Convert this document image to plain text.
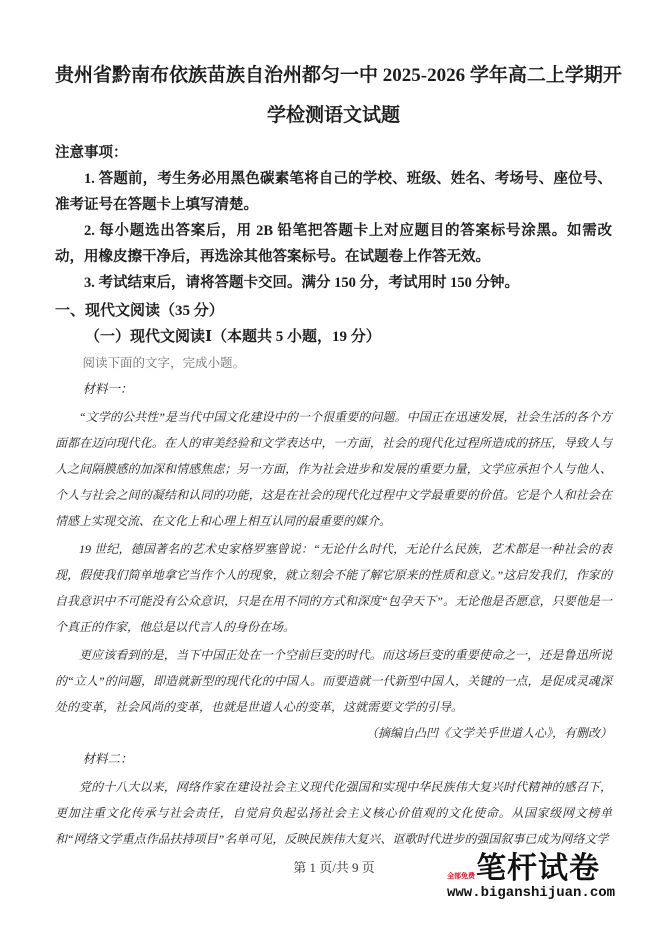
贵州省黔南布依族苗族自治州都匀一中 2025-2026 学年高二上学期开
学检测语文试题
注意事项：

1. 答题前，考生务必用黑色碳素笔将自己的学校、班级、姓名、考场号、座位号、准考证号在答题卡上填写清楚。

2. 每小题选出答案后，用 2B 铅笔把答题卡上对应题目的答案标号涂黑。如需改动，用橡皮擦干净后，再选涂其他答案标号。在试题卷上作答无效。

3. 考试结束后，请将答题卡交回。满分 150 分，考试用时 150 分钟。

一、现代文阅读（35 分）
（一）现代文阅读Ⅰ（本题共 5 小题，19 分）

阅读下面的文字，完成小题。

材料一：

“文学的公共性”是当代中国文化建设中的一个很重要的问题。中国正在迅速发展，社会生活的各个方面都在迈向现代化。在人的审美经验和文学表达中，一方面，社会的现代化过程所造成的挤压，导致人与人之间隔膜感的加深和情感焦虑；另一方面，作为社会进步和发展的重要力量，文学应承担个人与他人、个人与社会之间的凝结和认同的功能，这是在社会的现代化过程中文学最重要的价值。它是个人和社会在情感上实现交流、在文化上和心理上相互认同的最重要的媒介。

19 世纪，德国著名的艺术史家格罗塞曾说：“无论什么时代，无论什么民族，艺术都是一种社会的表现，假使我们简单地拿它当作个人的现象，就立刻会不能了解它原来的性质和意义。”这启发我们，作家的自我意识中不可能没有公众意识，只是在用不同的方式和深度“包孕天下”。无论他是否愿意，只要他是一个真正的作家，他总是以代言人的身份在场。

更应该看到的是，当下中国正处在一个空前巨变的时代。而这场巨变的重要使命之一，还是鲁迅所说的“立人”的问题，即造就新型的现代化的中国人。而要造就一代新型中国人，关键的一点，是促成灵魂深处的变革，社会风尚的变革，也就是世道人心的变革，这就需要文学的引导。

（摘编自凸凹《文学关乎世道人心》，有删改）

材料二：

党的十八大以来，网络作家在建设社会主义现代化强国和实现中华民族伟大复兴时代精神的感召下，更加注重文化传承与社会责任，自觉肩负起弘扬社会主义核心价值观的文化使命。从国家级网文榜单和“网络文学重点作品扶持项目”名单可见，反映民族伟大复兴、讴歌时代进步的强国叙事已成为网络文学

第 1 页/共 9 页
全部免费 笔杆试卷
www.biganshijuan.com
